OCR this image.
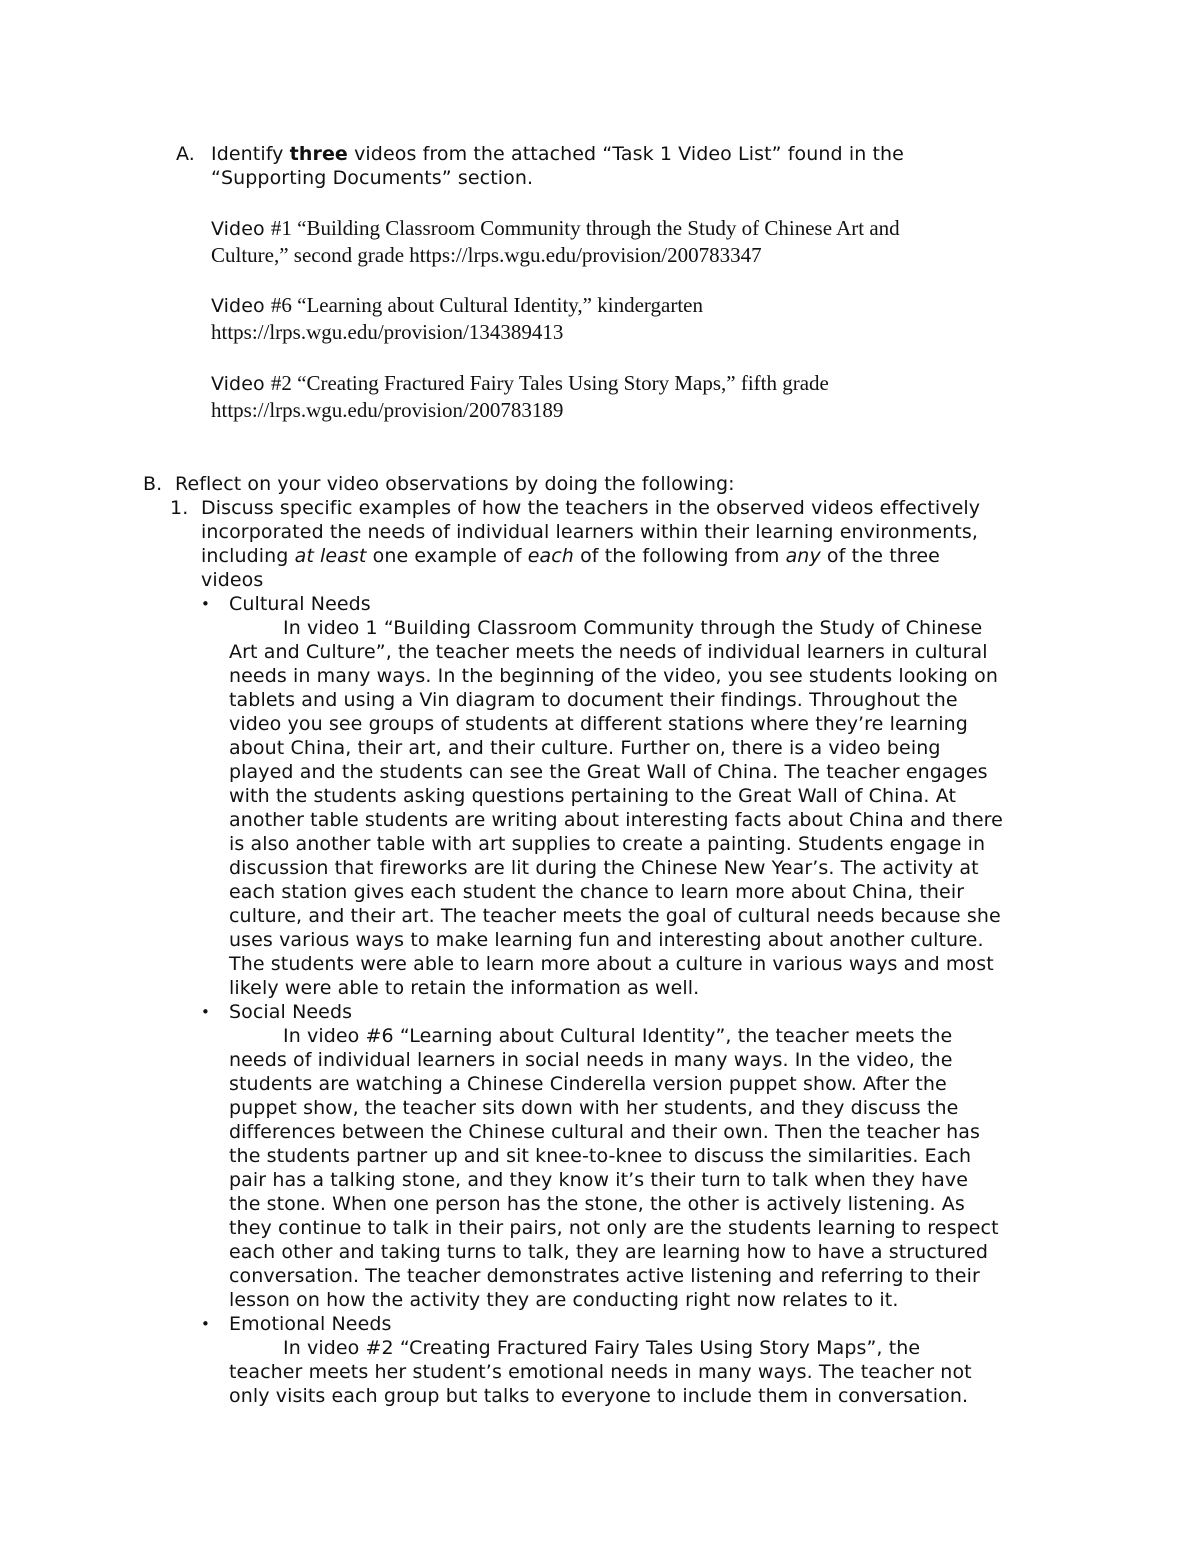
A. Identify three videos from the attached “Task 1 Video List” found in the
“Supporting Documents” section.
Video #1 “Building Classroom Community through the Study of Chinese Art and
Culture,” second grade https://lrps.wgu.edu/provision/200783347
Video #6 “Learning about Cultural Identity,” kindergarten
https://lrps.wgu.edu/provision/134389413
Video #2 “Creating Fractured Fairy Tales Using Story Maps,” fifth grade
https://lrps.wgu.edu/provision/200783189
B. Reflect on your video observations by doing the following:
1. Discuss specific examples of how the teachers in the observed videos effectively
incorporated the needs of individual learners within their learning environments,
including at least one example of each of the following from any of the three
videos
• Cultural Needs
In video 1 “Building Classroom Community through the Study of Chinese
Art and Culture”, the teacher meets the needs of individual learners in cultural
needs in many ways. In the beginning of the video, you see students looking on
tablets and using a Vin diagram to document their findings. Throughout the
video you see groups of students at different stations where they’re learning
about China, their art, and their culture. Further on, there is a video being
played and the students can see the Great Wall of China. The teacher engages
with the students asking questions pertaining to the Great Wall of China. At
another table students are writing about interesting facts about China and there
is also another table with art supplies to create a painting. Students engage in
discussion that fireworks are lit during the Chinese New Year’s. The activity at
each station gives each student the chance to learn more about China, their
culture, and their art. The teacher meets the goal of cultural needs because she
uses various ways to make learning fun and interesting about another culture.
The students were able to learn more about a culture in various ways and most
likely were able to retain the information as well.
• Social Needs
In video #6 “Learning about Cultural Identity”, the teacher meets the
needs of individual learners in social needs in many ways. In the video, the
students are watching a Chinese Cinderella version puppet show. After the
puppet show, the teacher sits down with her students, and they discuss the
differences between the Chinese cultural and their own. Then the teacher has
the students partner up and sit knee-to-knee to discuss the similarities. Each
pair has a talking stone, and they know it’s their turn to talk when they have
the stone. When one person has the stone, the other is actively listening. As
they continue to talk in their pairs, not only are the students learning to respect
each other and taking turns to talk, they are learning how to have a structured
conversation. The teacher demonstrates active listening and referring to their
lesson on how the activity they are conducting right now relates to it.
• Emotional Needs
In video #2 “Creating Fractured Fairy Tales Using Story Maps”, the
teacher meets her student’s emotional needs in many ways. The teacher not
only visits each group but talks to everyone to include them in conversation.
